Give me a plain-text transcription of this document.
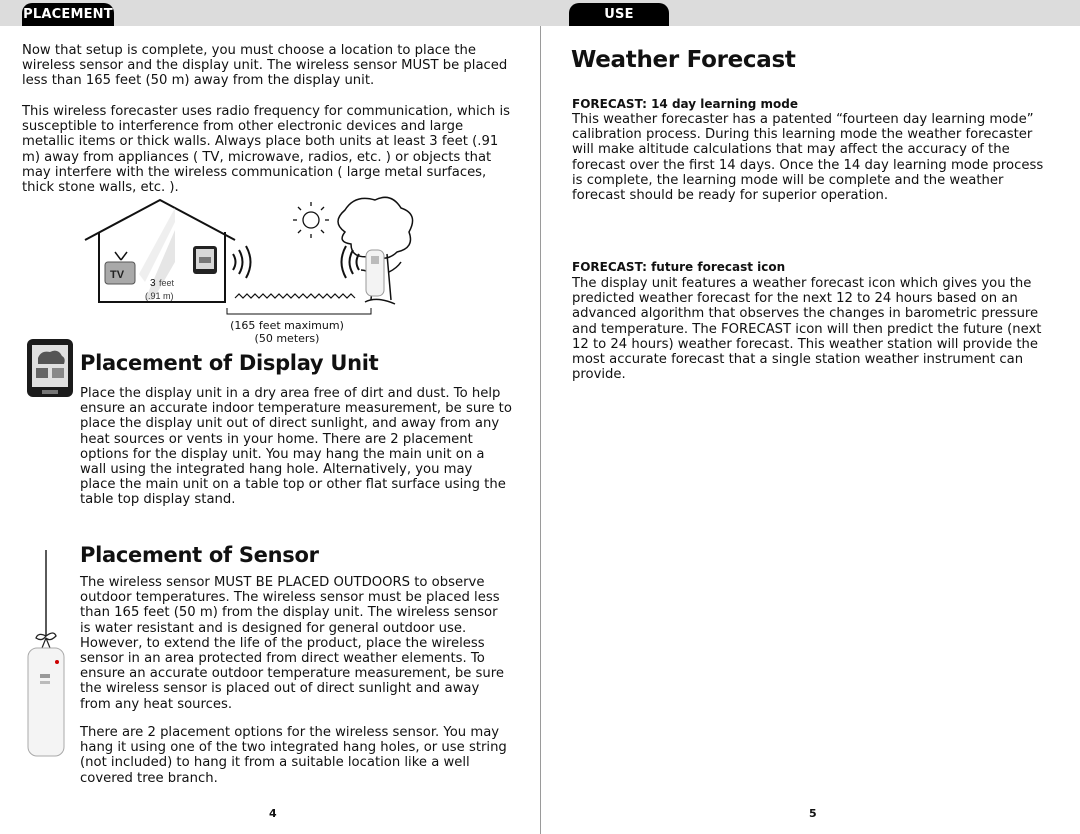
PLACEMENT

Now that setup is complete, you must choose a location to place the wireless sensor and the display unit. The wireless sensor MUST be placed less than 165 feet (50 m) away from the display unit.

This wireless forecaster uses radio frequency for communication, which is susceptible to interference from other electronic devices and large metallic items or thick walls. Always place both units at least 3 feet (.91 m) away from appliances ( TV, microwave, radios, etc. ) or objects that may interfere with the wireless communication ( large metal surfaces, thick stone walls, etc. ).

TV
3 feet
(.91 m)
(165 feet maximum)
(50 meters)
Placement of Display Unit

Place the display unit in a dry area free of dirt and dust. To help ensure an accurate indoor temperature measurement, be sure to place the display unit out of direct sunlight, and away from any heat sources or vents in your home. There are 2 placement options for the display unit. You may hang the main unit on a wall using the integrated hang hole. Alternatively, you may place the main unit on a table top or other flat surface using the table top display stand.

Placement of Sensor

The wireless sensor MUST BE PLACED OUTDOORS to observe outdoor temperatures. The wireless sensor must be placed less than 165 feet (50 m) from the display unit. The wireless sensor is water resistant and is designed for general outdoor use. However, to extend the life of the product, place the wireless sensor in an area protected from direct weather elements. To ensure an accurate outdoor temperature measurement, be sure the wireless sensor is placed out of direct sunlight and away from any heat sources.

There are 2 placement options for the wireless sensor. You may hang it using one of the two integrated hang holes, or use string (not included) to hang it from a suitable location like a well covered tree branch.

4
USE
Weather Forecast
FORECAST: 14 day learning mode

This weather forecaster has a patented “fourteen day learning mode” calibration process. During this learning mode the weather forecaster will make altitude calculations that may affect the accuracy of the forecast over the first 14 days. Once the 14 day learning mode process is complete, the learning mode will be complete and the weather forecast should be ready for superior operation.

FORECAST: future forecast icon

The display unit features a weather forecast icon which gives you the predicted weather forecast for the next 12 to 24 hours based on an advanced algorithm that observes the changes in barometric pressure and temperature. The FORECAST icon will then predict the future (next 12 to 24 hours) weather forecast. This weather station will provide the most accurate forecast that a single station weather instrument can provide.

5
